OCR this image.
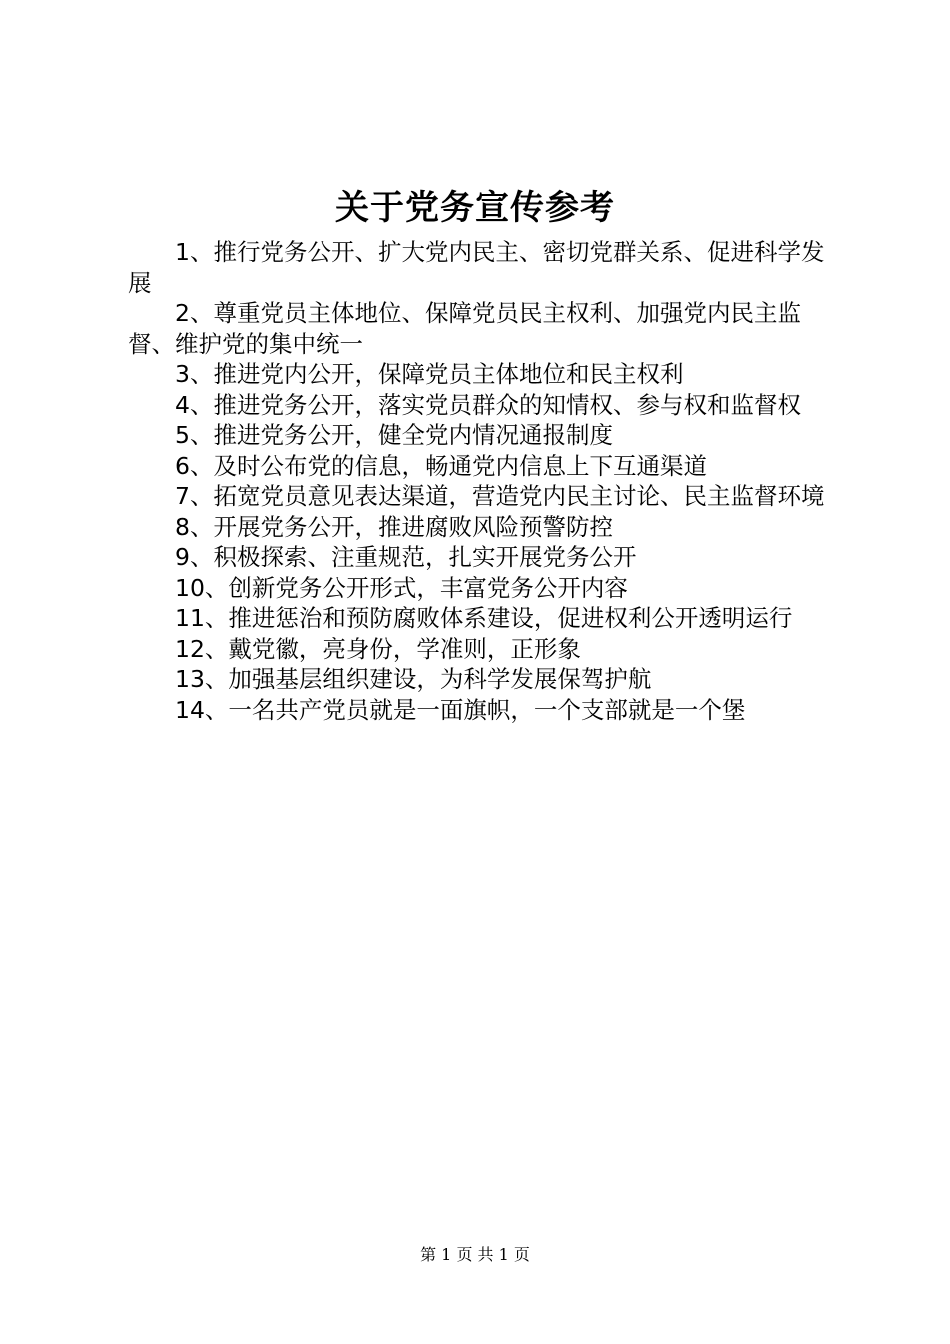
关于党务宣传参考

1、推行党务公开、扩大党内民主、密切党群关系、促进科学发展

2、尊重党员主体地位、保障党员民主权利、加强党内民主监督、维护党的集中统一

3、推进党内公开，保障党员主体地位和民主权利

4、推进党务公开，落实党员群众的知情权、参与权和监督权

5、推进党务公开，健全党内情况通报制度

6、及时公布党的信息，畅通党内信息上下互通渠道

7、拓宽党员意见表达渠道，营造党内民主讨论、民主监督环境

8、开展党务公开，推进腐败风险预警防控

9、积极探索、注重规范，扎实开展党务公开

10、创新党务公开形式，丰富党务公开内容

11、推进惩治和预防腐败体系建设，促进权利公开透明运行

12、戴党徽，亮身份，学准则，正形象

13、加强基层组织建设，为科学发展保驾护航

14、一名共产党员就是一面旗帜，一个支部就是一个堡

第 1 页 共 1 页
